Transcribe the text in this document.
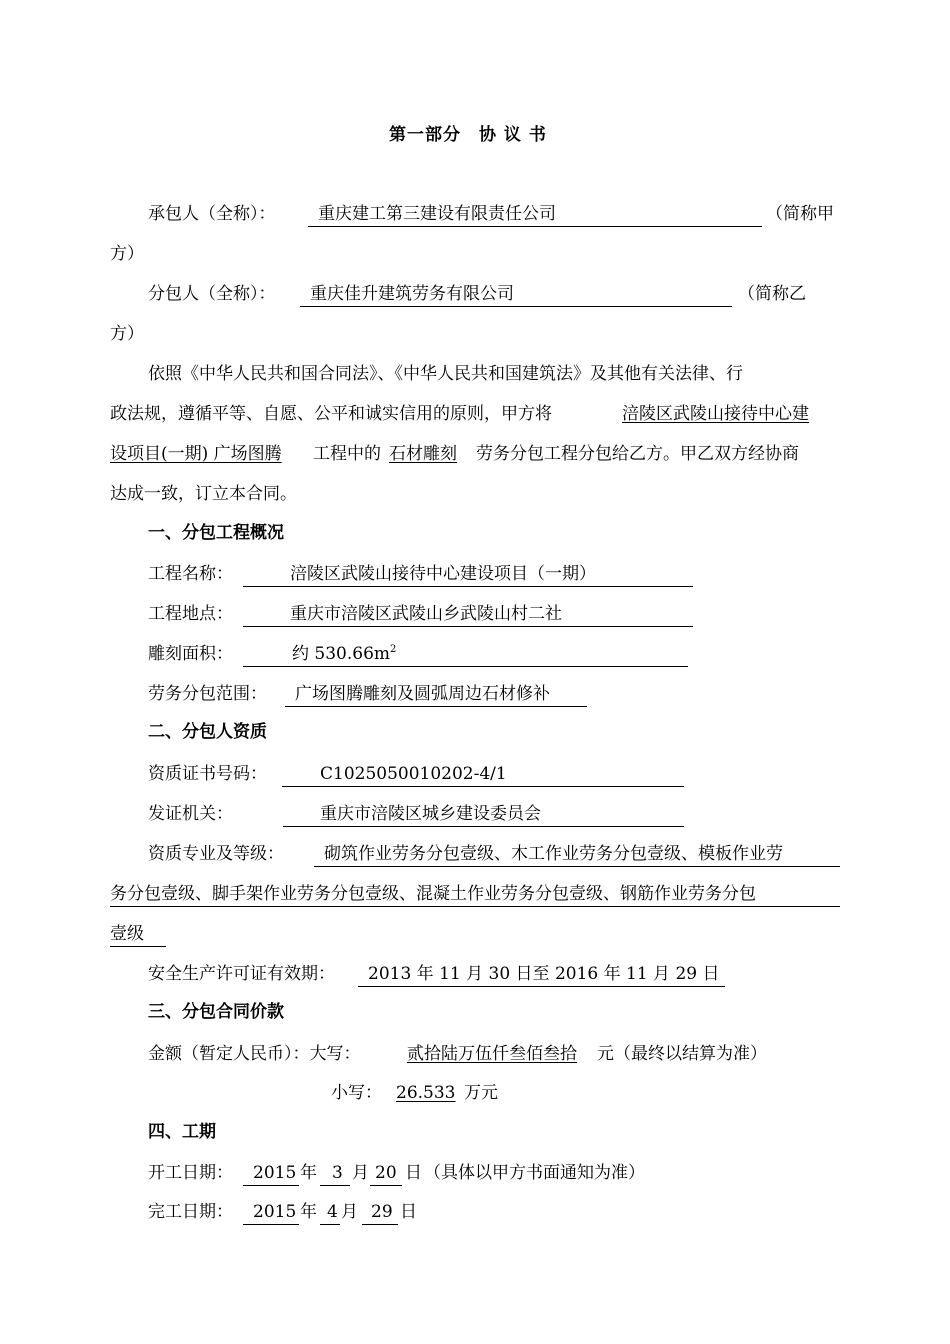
第一部分　协 议 书
承包人（全称）：	重庆建工第三建设有限责任公司	（简称甲
方）
分包人（全称）： 重庆佳升建筑劳务有限公司	（简称乙
方）
依照《中华人民共和国合同法》、《中华人民共和国建筑法》及其他有关法律、行
政法规，遵循平等、自愿、公平和诚实信用的原则，甲方将	涪陵区武陵山接待中心建
设项目(一期) 广场图腾 工程中的 石材雕刻 劳务分包工程分包给乙方。甲乙双方经协商
达成一致，订立本合同。
一、分包工程概况
工程名称：	涪陵区武陵山接待中心建设项目（一期）
工程地点：	重庆市涪陵区武陵山乡武陵山村二社
雕刻面积：	约 $530.66m^2$
劳务分包范围： 广场图腾雕刻及圆弧周边石材修补
二、分包人资质
资质证书号码：	C1025050010202-4/1
发证机关：	重庆市涪陵区城乡建设委员会
资质专业及等级： 砌筑作业劳务分包壹级、木工作业劳务分包壹级、模板作业劳
务分包壹级、脚手架作业劳务分包壹级、混凝土作业劳务分包壹级、钢筋作业劳务分包
壹级
安全生产许可证有效期： 2013 年 11 月 30 日至 2016 年 11 月 29 日
三、分包合同价款
金额（暂定人民币）：大写：	贰拾陆万伍仟叁佰叁拾 元（最终以结算为准）
小写： 26.533 万元
四、工期
开工日期： 2015 年 3 月 20 日 （具体以甲方书面通知为准）
完工日期： 2015 年 4 月 29 日
